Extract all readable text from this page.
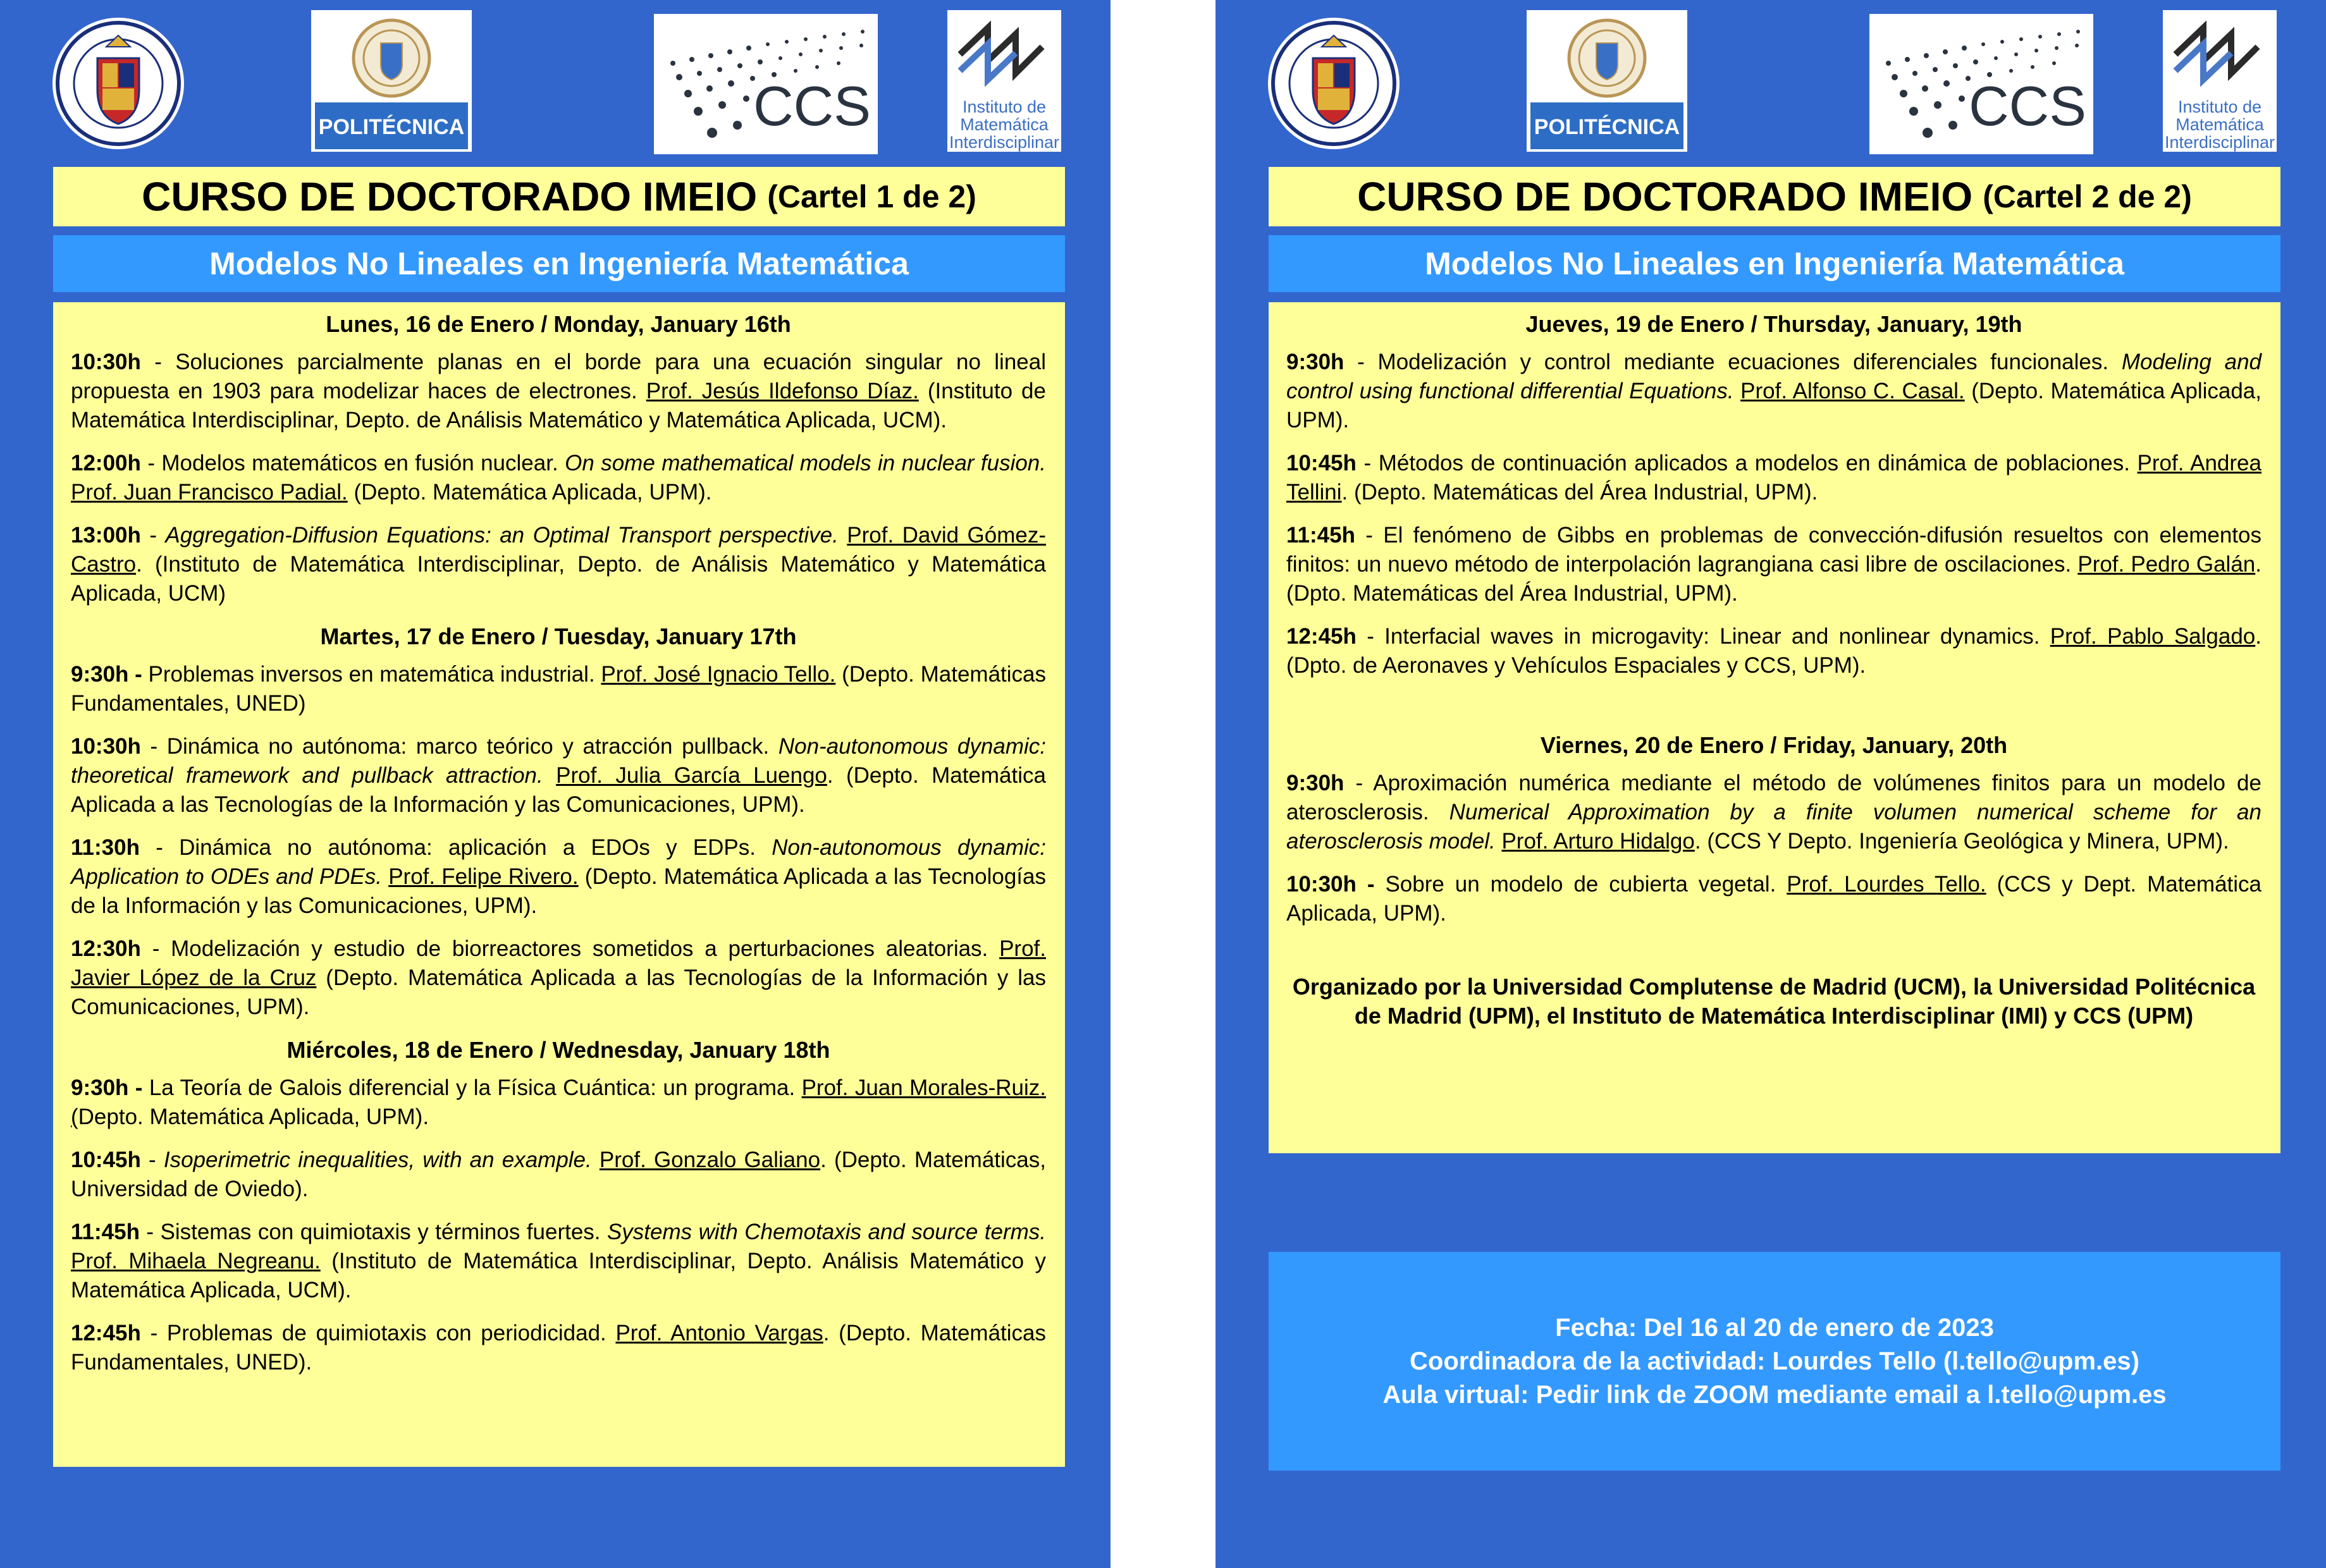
POLITÉCNICA	CCS	Instituto de
Matemática
Interdisciplinar
CURSO DE DOCTORADO IMEIO (Cartel 1 de 2)
Modelos No Lineales en Ingeniería Matemática
Lunes, 16 de Enero / Monday, January 16th
10:30h - Soluciones parcialmente planas en el borde para una ecuación singular no lineal propuesta en 1903 para modelizar haces de electrones. Prof. Jesús Ildefonso Díaz. (Instituto de Matemática Interdisciplinar, Depto. de Análisis Matemático y Matemática Aplicada, UCM).
12:00h - Modelos matemáticos en fusión nuclear. On some mathematical models in nuclear fusion. Prof. Juan Francisco Padial. (Depto. Matemática Aplicada, UPM).
13:00h - Aggregation-Diffusion Equations: an Optimal Transport perspective. Prof. David Gómez-Castro. (Instituto de Matemática Interdisciplinar, Depto. de Análisis Matemático y Matemática Aplicada, UCM)
Martes, 17 de Enero / Tuesday, January 17th
9:30h - Problemas inversos en matemática industrial. Prof. José Ignacio Tello. (Depto. Matemáticas Fundamentales, UNED)
10:30h - Dinámica no autónoma: marco teórico y atracción pullback. Non-autonomous dynamic: theoretical framework and pullback attraction. Prof. Julia García Luengo. (Depto. Matemática Aplicada a las Tecnologías de la Información y las Comunicaciones, UPM).
11:30h - Dinámica no autónoma: aplicación a EDOs y EDPs. Non-autonomous dynamic: Application to ODEs and PDEs. Prof. Felipe Rivero. (Depto. Matemática Aplicada a las Tecnologías de la Información y las Comunicaciones, UPM).
12:30h - Modelización y estudio de biorreactores sometidos a perturbaciones aleatorias. Prof. Javier López de la Cruz (Depto. Matemática Aplicada a las Tecnologías de la Información y las Comunicaciones, UPM).
Miércoles, 18 de Enero / Wednesday, January 18th
9:30h - La Teoría de Galois diferencial y la Física Cuántica: un programa. Prof. Juan Morales-Ruiz. (Depto. Matemática Aplicada, UPM).
10:45h - Isoperimetric inequalities, with an example. Prof. Gonzalo Galiano. (Depto. Matemáticas, Universidad de Oviedo).
11:45h - Sistemas con quimiotaxis y términos fuertes. Systems with Chemotaxis and source terms. Prof. Mihaela Negreanu. (Instituto de Matemática Interdisciplinar, Depto. Análisis Matemático y Matemática Aplicada, UCM).
12:45h - Problemas de quimiotaxis con periodicidad. Prof. Antonio Vargas. (Depto. Matemáticas Fundamentales, UNED).
POLITÉCNICA	CCS	Instituto de
Matemática
Interdisciplinar
CURSO DE DOCTORADO IMEIO (Cartel 2 de 2)
Modelos No Lineales en Ingeniería Matemática
Jueves, 19 de Enero / Thursday, January, 19th
9:30h - Modelización y control mediante ecuaciones diferenciales funcionales. Modeling and control using functional differential Equations. Prof. Alfonso C. Casal. (Depto. Matemática Aplicada, UPM).
10:45h - Métodos de continuación aplicados a modelos en dinámica de poblaciones. Prof. Andrea Tellini. (Depto. Matemáticas del Área Industrial, UPM).
11:45h - El fenómeno de Gibbs en problemas de convección-difusión resueltos con elementos finitos: un nuevo método de interpolación lagrangiana casi libre de oscilaciones. Prof. Pedro Galán. (Dpto. Matemáticas del Área Industrial, UPM).
12:45h - Interfacial waves in microgavity: Linear and nonlinear dynamics. Prof. Pablo Salgado. (Dpto. de Aeronaves y Vehículos Espaciales y CCS, UPM).
Viernes, 20 de Enero / Friday, January, 20th
9:30h - Aproximación numérica mediante el método de volúmenes finitos para un modelo de aterosclerosis. Numerical Approximation by a finite volumen numerical scheme for an aterosclerosis model. Prof. Arturo Hidalgo. (CCS Y Depto. Ingeniería Geológica y Minera, UPM).
10:30h - Sobre un modelo de cubierta vegetal. Prof. Lourdes Tello. (CCS y Dept. Matemática Aplicada, UPM).
Organizado por la Universidad Complutense de Madrid (UCM), la Universidad Politécnica de Madrid (UPM), el Instituto de Matemática Interdisciplinar (IMI) y CCS (UPM)
Fecha: Del 16 al 20 de enero de 2023
Coordinadora de la actividad: Lourdes Tello (l.tello@upm.es)
Aula virtual: Pedir link de ZOOM mediante email a l.tello@upm.es
